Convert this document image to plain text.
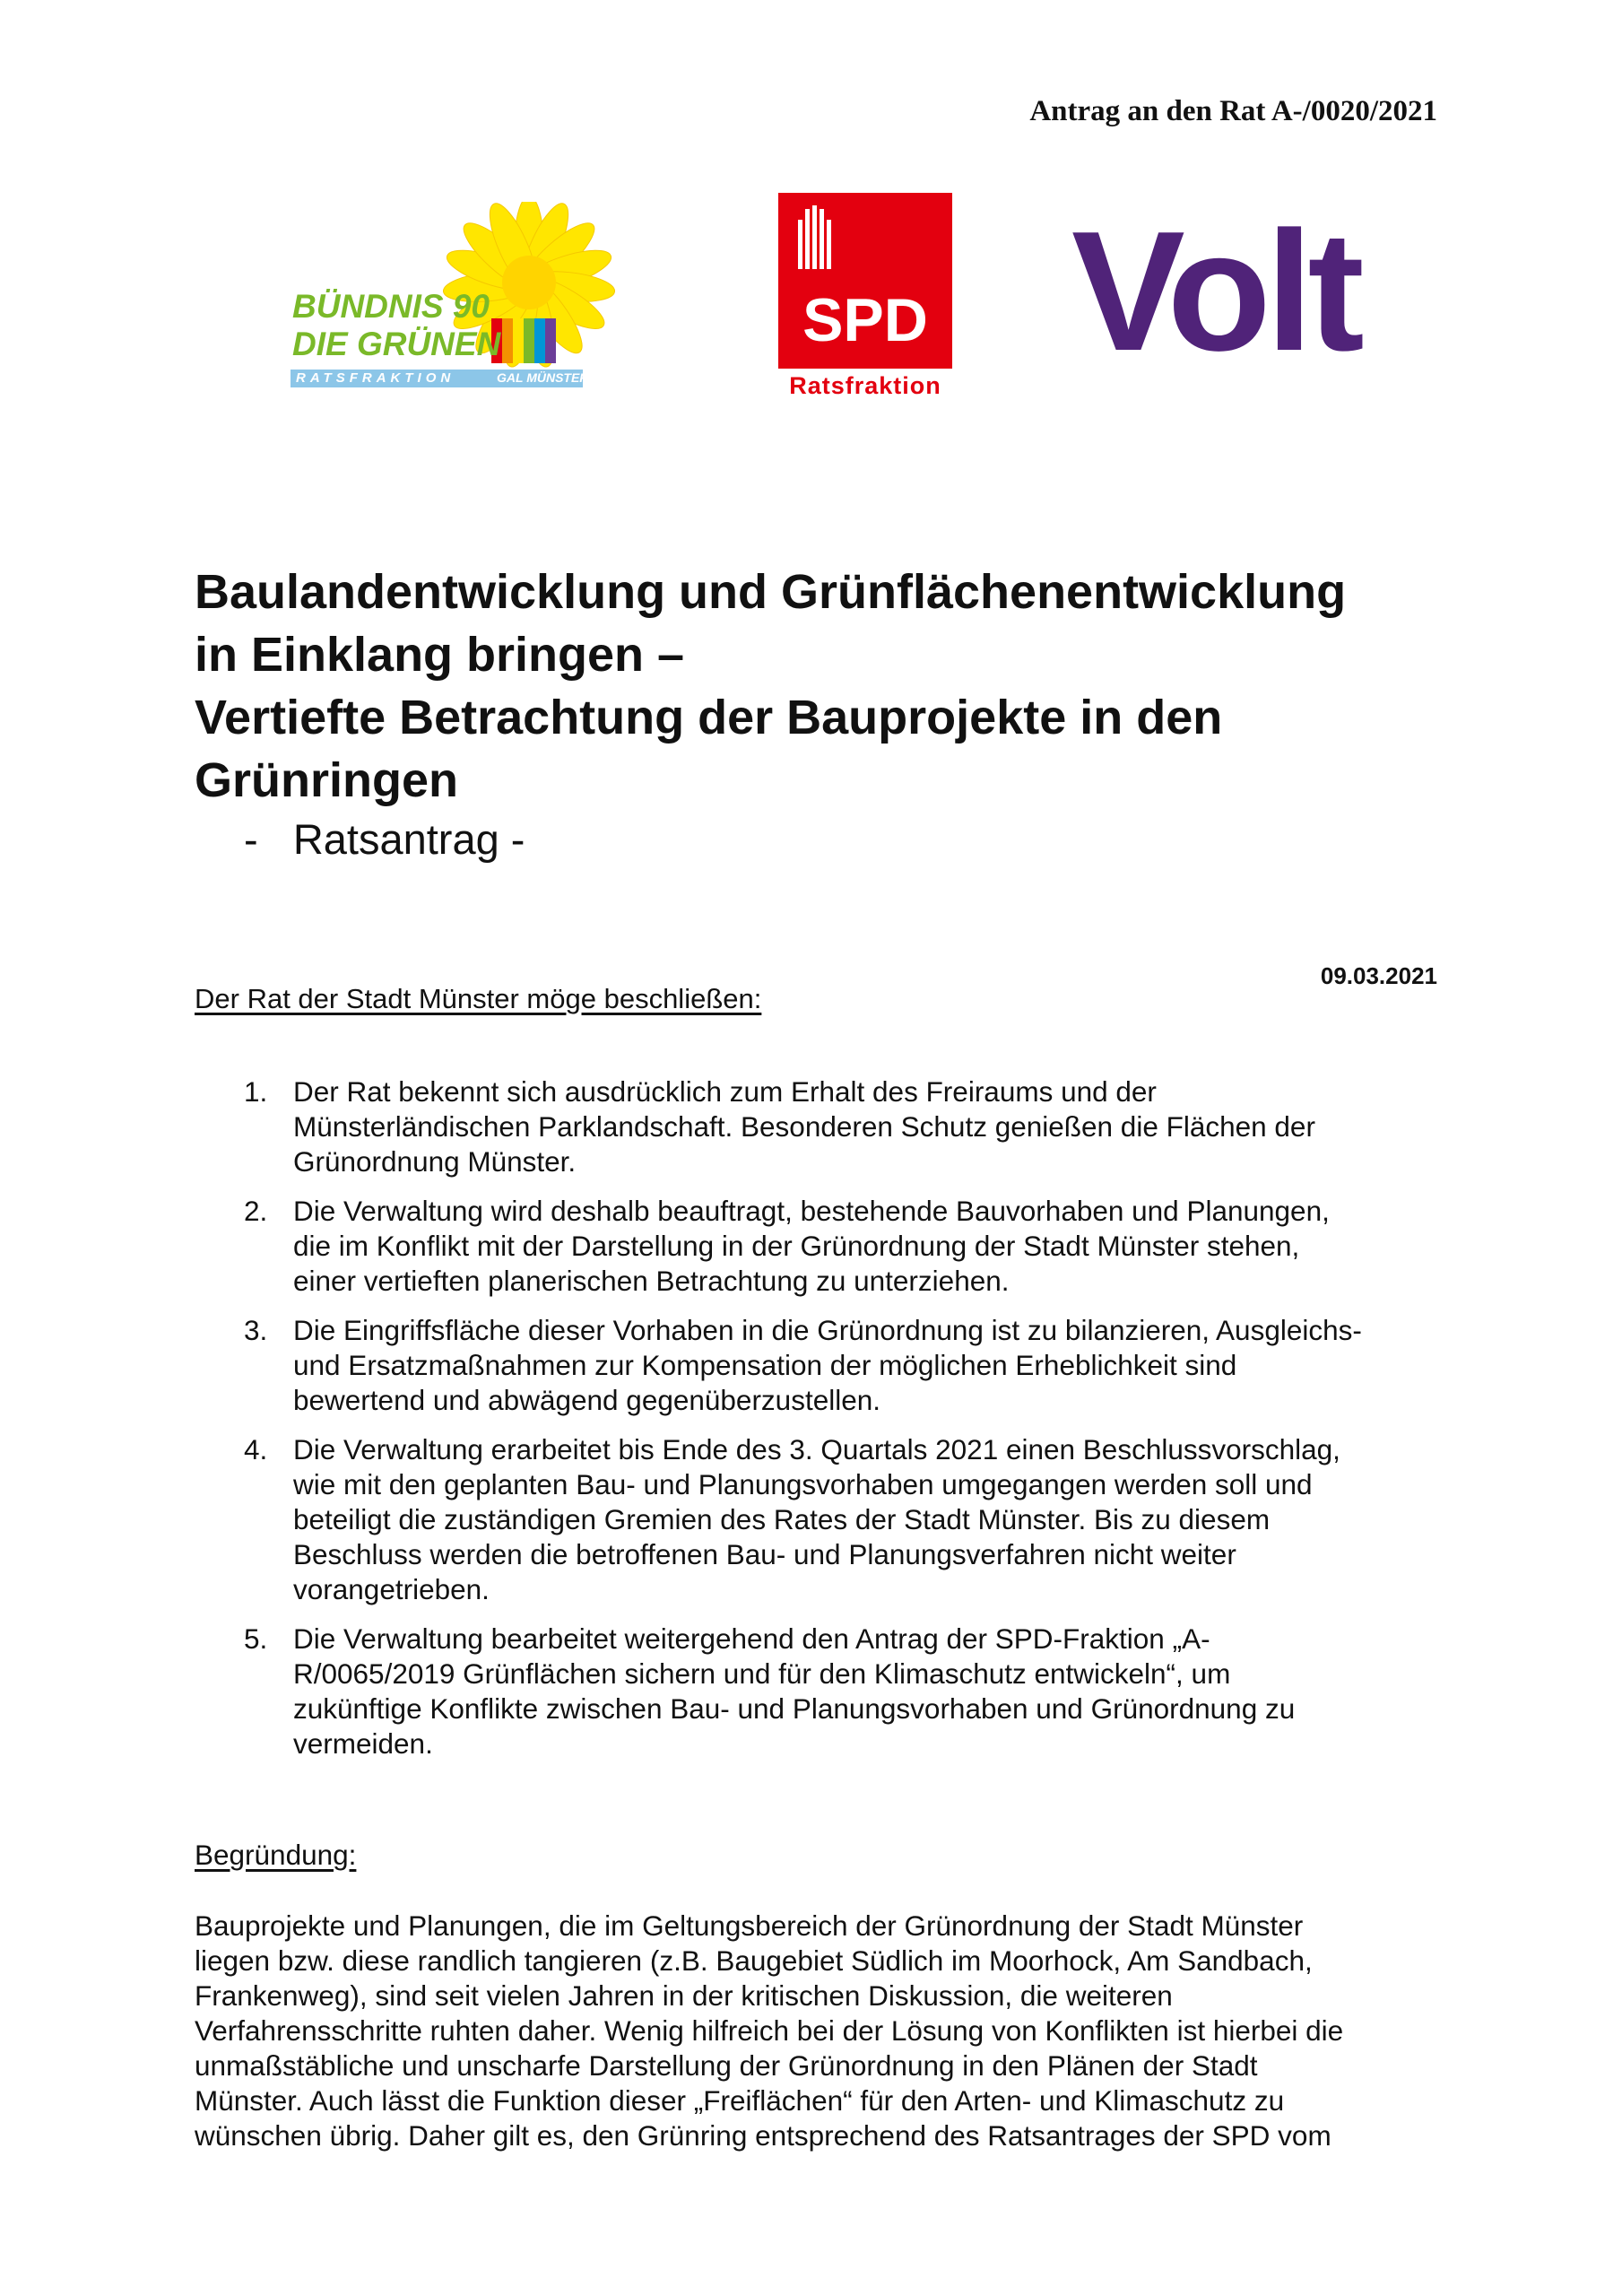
Antrag an den Rat A-/0020/2021
BÜNDNIS 90
DIE GRÜNEN
RATSFRAKTION	GAL MÜNSTER
SPD
Ratsfraktion Volt
Baulandentwicklung und Grünflächenentwicklung
in Einklang bringen –
Vertiefte Betrachtung der Bauprojekte in den
Grünringen
-   Ratsantrag -
Der Rat der Stadt Münster möge beschließen:
09.03.2021
1. Der Rat bekennt sich ausdrücklich zum Erhalt des Freiraums und der
Münsterländischen Parklandschaft. Besonderen Schutz genießen die Flächen der
Grünordnung Münster.
2. Die Verwaltung wird deshalb beauftragt, bestehende Bauvorhaben und Planungen,
die im Konflikt mit der Darstellung in der Grünordnung der Stadt Münster stehen,
einer vertieften planerischen Betrachtung zu unterziehen.
3. Die Eingriffsfläche dieser Vorhaben in die Grünordnung ist zu bilanzieren, Ausgleichs-
und Ersatzmaßnahmen zur Kompensation der möglichen Erheblichkeit sind
bewertend und abwägend gegenüberzustellen.
4. Die Verwaltung erarbeitet bis Ende des 3. Quartals 2021 einen Beschlussvorschlag,
wie mit den geplanten Bau- und Planungsvorhaben umgegangen werden soll und
beteiligt die zuständigen Gremien des Rates der Stadt Münster. Bis zu diesem
Beschluss werden die betroffenen Bau- und Planungsverfahren nicht weiter
vorangetrieben.
5. Die Verwaltung bearbeitet weitergehend den Antrag der SPD-Fraktion „A-
R/0065/2019 Grünflächen sichern und für den Klimaschutz entwickeln“, um
zukünftige Konflikte zwischen Bau- und Planungsvorhaben und Grünordnung zu
vermeiden.
Begründung:
Bauprojekte und Planungen, die im Geltungsbereich der Grünordnung der Stadt Münster
liegen bzw. diese randlich tangieren (z.B. Baugebiet Südlich im Moorhock, Am Sandbach,
Frankenweg), sind seit vielen Jahren in der kritischen Diskussion, die weiteren
Verfahrensschritte ruhten daher. Wenig hilfreich bei der Lösung von Konflikten ist hierbei die
unmaßstäbliche und unscharfe Darstellung der Grünordnung in den Plänen der Stadt
Münster. Auch lässt die Funktion dieser „Freiflächen“ für den Arten- und Klimaschutz zu
wünschen übrig. Daher gilt es, den Grünring entsprechend des Ratsantrages der SPD vom
